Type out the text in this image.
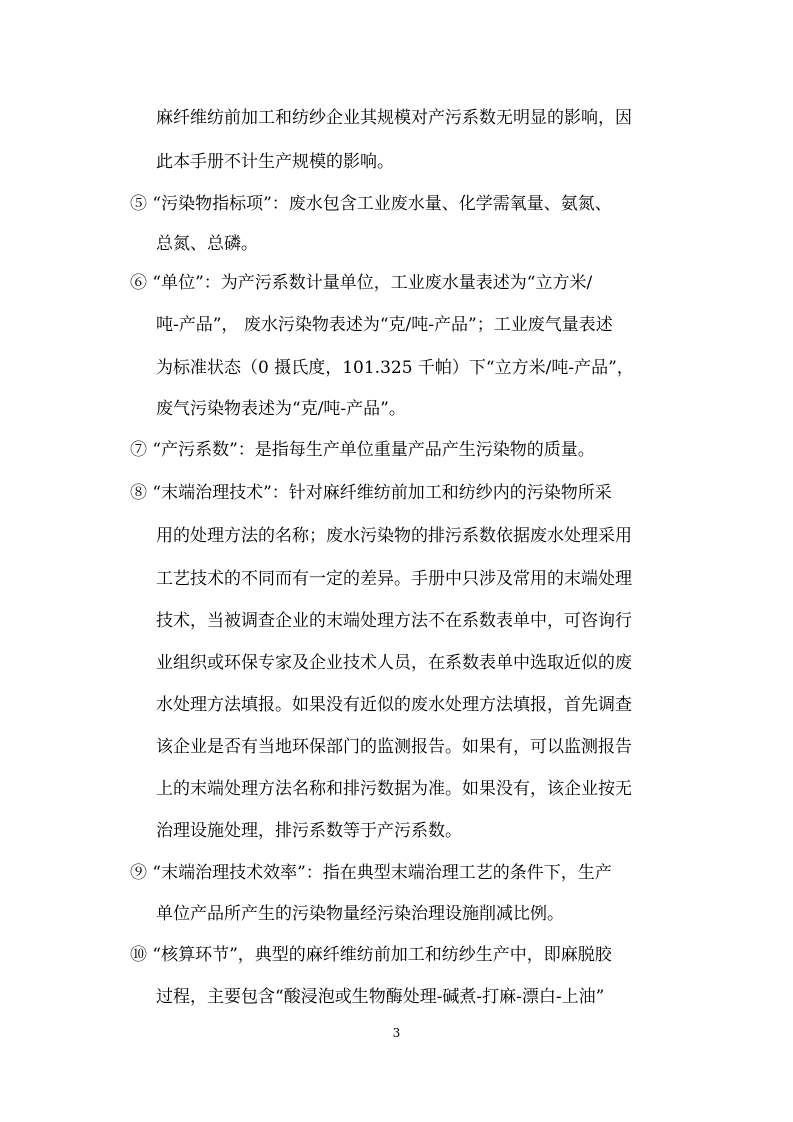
麻纤维纺前加工和纺纱企业其规模对产污系数无明显的影响，因
此本手册不计生产规模的影响。
⑤ “污染物指标项”：废水包含工业废水量、化学需氧量、氨氮、
总氮、总磷。
⑥ “单位”：为产污系数计量单位，工业废水量表述为“立方米/
吨-产品”， 废水污染物表述为“克/吨-产品”；工业废气量表述
为标准状态（0 摄氏度，101.325 千帕）下“立方米/吨-产品”，
废气污染物表述为“克/吨-产品”。
⑦ “产污系数”：是指每生产单位重量产品产生污染物的质量。
⑧ “末端治理技术”：针对麻纤维纺前加工和纺纱内的污染物所采
用的处理方法的名称；废水污染物的排污系数依据废水处理采用
工艺技术的不同而有一定的差异。手册中只涉及常用的末端处理
技术，当被调查企业的末端处理方法不在系数表单中，可咨询行
业组织或环保专家及企业技术人员，在系数表单中选取近似的废
水处理方法填报。如果没有近似的废水处理方法填报，首先调查
该企业是否有当地环保部门的监测报告。如果有，可以监测报告
上的末端处理方法名称和排污数据为准。如果没有，该企业按无
治理设施处理，排污系数等于产污系数。
⑨ “末端治理技术效率”：指在典型末端治理工艺的条件下，生产
单位产品所产生的污染物量经污染治理设施削减比例。
⑩ “核算环节”，典型的麻纤维纺前加工和纺纱生产中，即麻脱胶
过程，主要包含“酸浸泡或生物酶处理-碱煮-打麻-漂白-上油”
3
